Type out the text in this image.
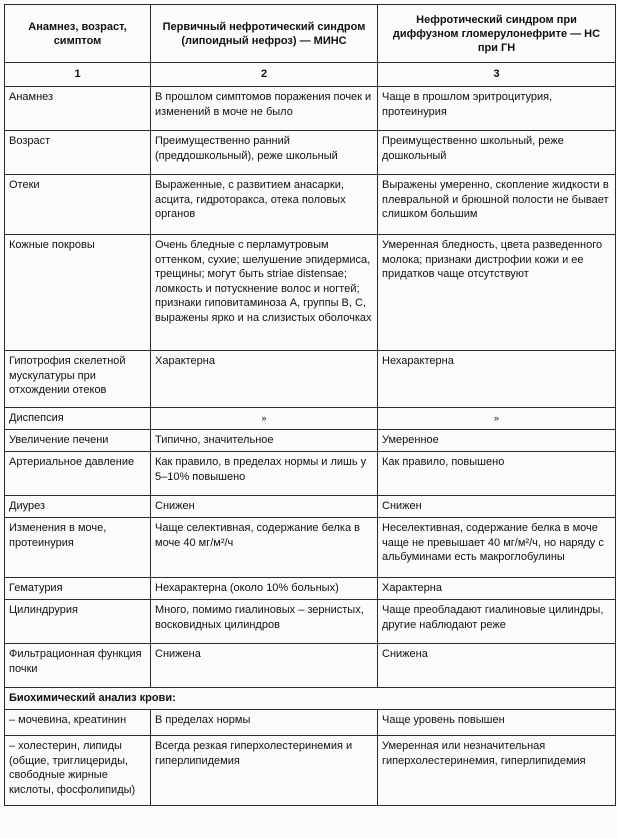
Анамнез, возраст, симптом	Первичный нефротический синдром (липоидный нефроз) — МИНС	Нефротический синдром при диффузном гломерулонефрите — НС при ГН
1	2	3
Анамнез	В прошлом симптомов поражения почек и изменений в моче не было	Чаще в прошлом эритроцитурия, протеинурия
Возраст	Преимущественно ранний (преддошкольный), реже школьный	Преимущественно школьный, реже дошкольный
Отеки	Выраженные, с развитием анасарки, асцита, гидроторакса, отека половых органов	Выражены умеренно, скопление жидкости в плевральной и брюшной полости не бывает слишком большим
Кожные покровы	Очень бледные с перламутровым оттенком, сухие; шелушение эпидермиса, трещины; могут быть striae distensae; ломкость и потускнение волос и ногтей; признаки гиповитаминоза А, группы В, С, выражены ярко и на слизистых оболочках	Умеренная бледность, цвета разведенного молока; признаки дистрофии кожи и ее придатков чаще отсутствуют
Гипотрофия скелетной мускулатуры при отхождении отеков	Характерна	Нехарактерна
Диспепсия	»	»

Увеличение печени	Типично, значительное	Умеренное
Артериальное давление	Как правило, в пределах нормы и лишь у 5–10% повышено	Как правило, повышено
Диурез	Снижен	Снижен
Изменения в моче, протеинурия	Чаще селективная, содержание белка в моче 40 мг/м²/ч	Неселективная, содержание белка в моче чаще не превышает 40 мг/м²/ч, но наряду с альбуминами есть макроглобулины
Гематурия	Нехарактерна (около 10% больных)	Характерна
Цилиндрурия	Много, помимо гиалиновых – зернистых, восковидных цилиндров	Чаще преобладают гиалиновые цилиндры, другие наблюдают реже
Фильтрационная функция почки	Снижена	Снижена
Биохимический анализ крови:		
– мочевина, креатинин	В пределах нормы	Чаще уровень повышен
– холестерин, липиды (общие, триглицериды, свободные жирные кислоты, фосфолипиды)	Всегда резкая гиперхолестеринемия и гиперлипидемия	Умеренная или незначительная гиперхолестеринемия, гиперлипидемия
